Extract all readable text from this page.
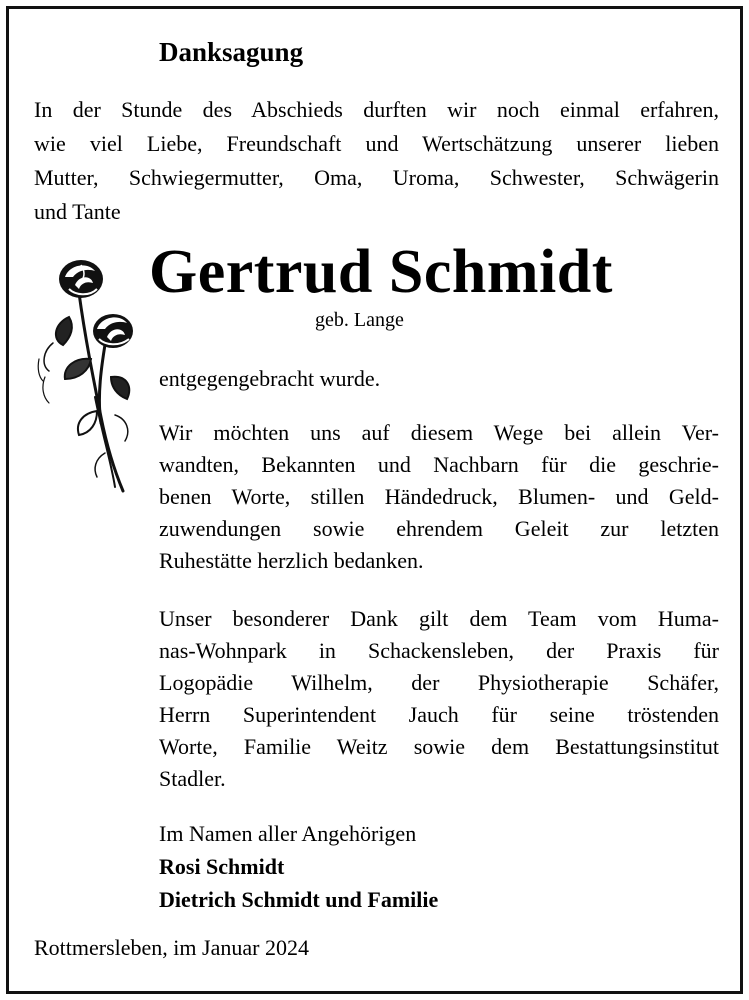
Danksagung
In der Stunde des Abschieds durften wir noch einmal erfahren,
wie viel Liebe, Freundschaft und Wertschätzung unserer lieben
Mutter, Schwiegermutter, Oma, Uroma, Schwester, Schwägerin
und Tante
Gertrud Schmidt
geb. Lange
entgegengebracht wurde.
Wir möchten uns auf diesem Wege bei allein Ver-
wandten, Bekannten und Nachbarn für die geschrie-
benen Worte, stillen Händedruck, Blumen- und Geld-
zuwendungen sowie ehrendem Geleit zur letzten
Ruhestätte herzlich bedanken.
Unser besonderer Dank gilt dem Team vom Huma-
nas-Wohnpark in Schackensleben, der Praxis für
Logopädie Wilhelm, der Physiotherapie Schäfer,
Herrn Superintendent Jauch für seine tröstenden
Worte, Familie Weitz sowie dem Bestattungsinstitut
Stadler.
Im Namen aller Angehörigen
Rosi Schmidt
Dietrich Schmidt und Familie
Rottmersleben, im Januar 2024
